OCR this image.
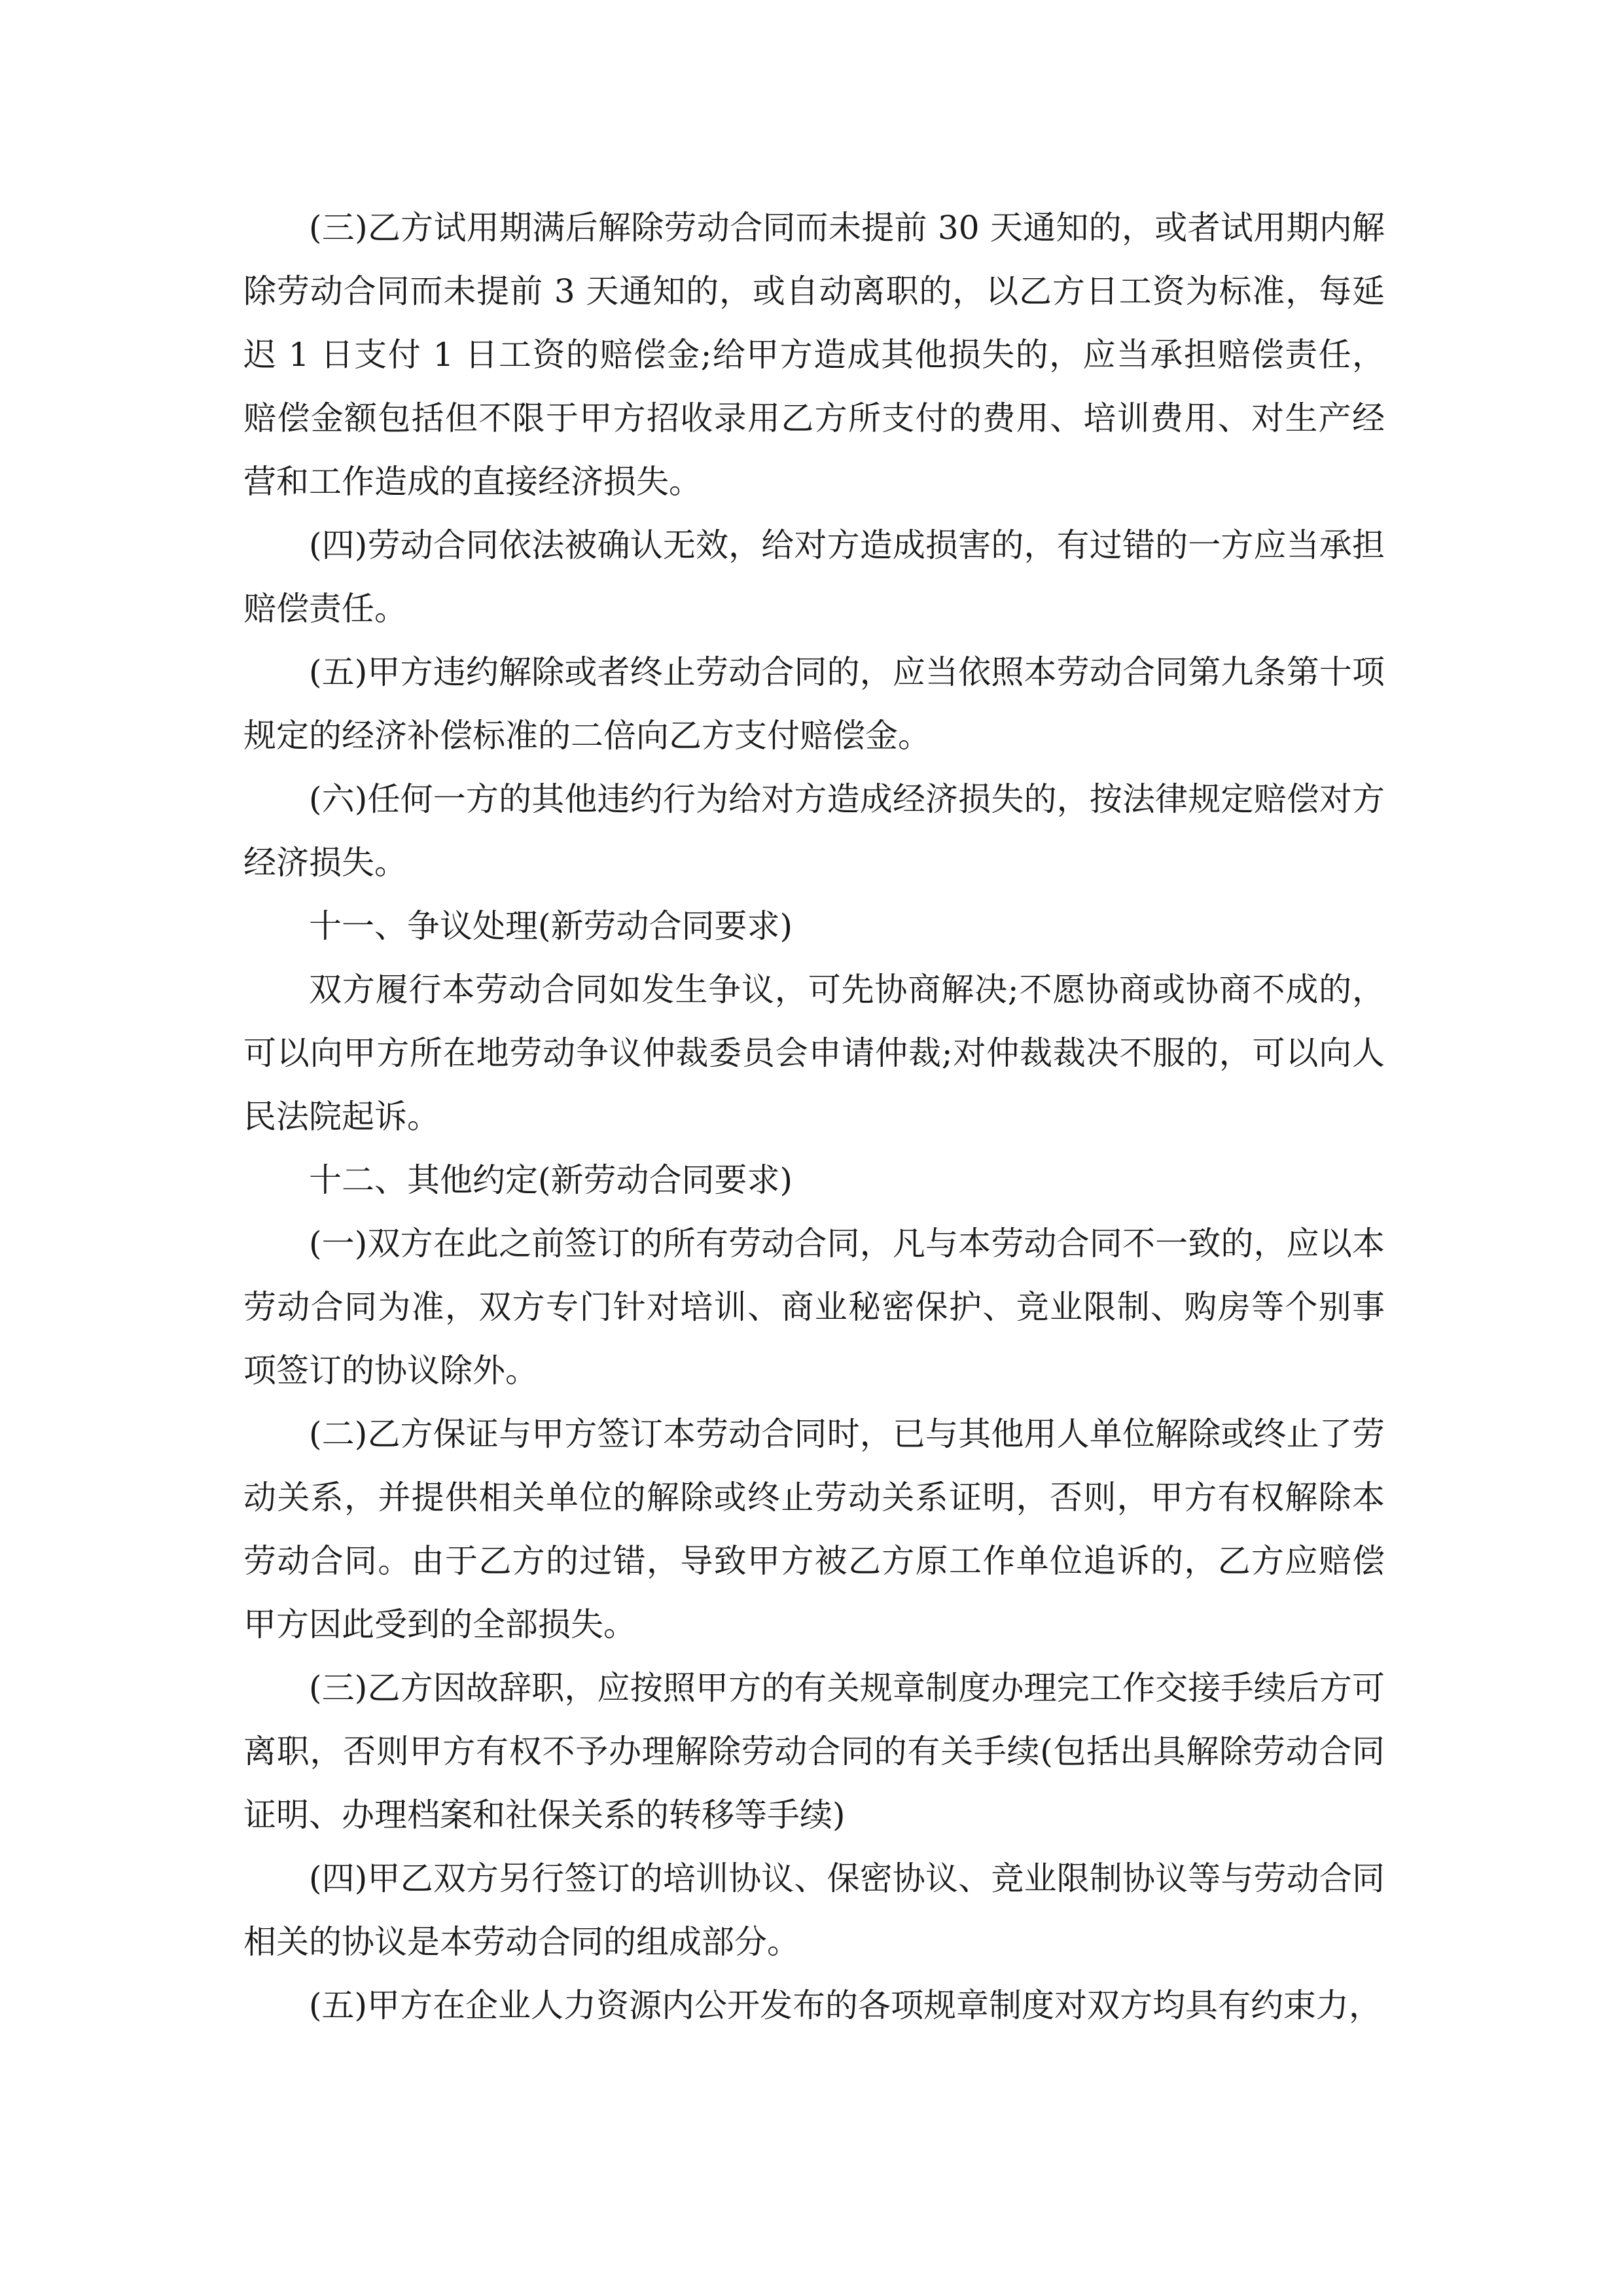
(三)乙方试用期满后解除劳动合同而未提前 30 天通知的，或者试用期内解除劳动合同而未提前 3 天通知的，或自动离职的，以乙方日工资为标准，每延迟 1 日支付 1 日工资的赔偿金;给甲方造成其他损失的，应当承担赔偿责任，赔偿金额包括但不限于甲方招收录用乙方所支付的费用、培训费用、对生产经营和工作造成的直接经济损失。

(四)劳动合同依法被确认无效，给对方造成损害的，有过错的一方应当承担赔偿责任。

(五)甲方违约解除或者终止劳动合同的，应当依照本劳动合同第九条第十项规定的经济补偿标准的二倍向乙方支付赔偿金。

(六)任何一方的其他违约行为给对方造成经济损失的，按法律规定赔偿对方经济损失。

十一、争议处理(新劳动合同要求)

双方履行本劳动合同如发生争议，可先协商解决;不愿协商或协商不成的，可以向甲方所在地劳动争议仲裁委员会申请仲裁;对仲裁裁决不服的，可以向人民法院起诉。

十二、其他约定(新劳动合同要求)

(一)双方在此之前签订的所有劳动合同，凡与本劳动合同不一致的，应以本劳动合同为准，双方专门针对培训、商业秘密保护、竞业限制、购房等个别事项签订的协议除外。

(二)乙方保证与甲方签订本劳动合同时，已与其他用人单位解除或终止了劳动关系，并提供相关单位的解除或终止劳动关系证明，否则，甲方有权解除本劳动合同。由于乙方的过错，导致甲方被乙方原工作单位追诉的，乙方应赔偿甲方因此受到的全部损失。

(三)乙方因故辞职，应按照甲方的有关规章制度办理完工作交接手续后方可离职，否则甲方有权不予办理解除劳动合同的有关手续(包括出具解除劳动合同证明、办理档案和社保关系的转移等手续)

(四)甲乙双方另行签订的培训协议、保密协议、竞业限制协议等与劳动合同相关的协议是本劳动合同的组成部分。

(五)甲方在企业人力资源内公开发布的各项规章制度对双方均具有约束力，
